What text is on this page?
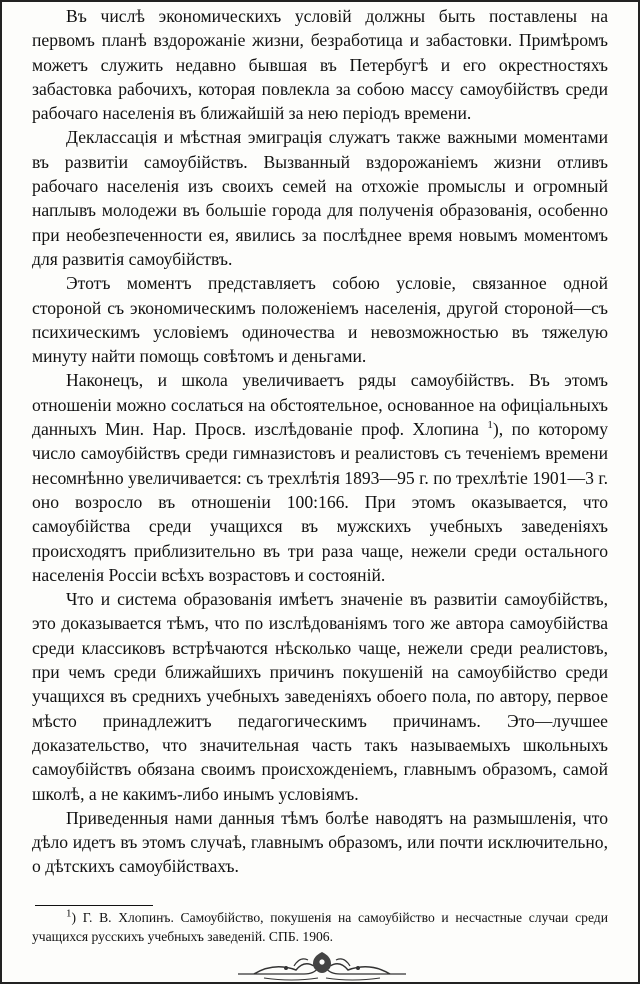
Въ числѣ экономическихъ условій должны быть поставлены на первомъ планѣ вздорожаніе жизни, безработица и забастовки. Примѣромъ можетъ служить недавно бывшая въ Петербугѣ и его окрестностяхъ забастовка рабочихъ, которая повлекла за собою массу самоубійствъ среди рабочаго населенія въ ближайшій за нею періодъ времени.

Деклассація и мѣстная эмиграція служатъ также важными моментами въ развитіи самоубійствъ. Вызванный вздорожаніемъ жизни отливъ рабочаго населенія изъ своихъ семей на отхожіе промыслы и огромный наплывъ молодежи въ большіе города для полученія образованія, особенно при необезпеченности ея, явились за послѣднее время новымъ моментомъ для развитія самоубійствъ.

Этотъ моментъ представляетъ собою условіе, связанное одной стороной съ экономическимъ положеніемъ населенія, другой стороной—съ психическимъ условіемъ одиночества и невозможностью въ тяжелую минуту найти помощь совѣтомъ и деньгами.

Наконецъ, и школа увеличиваетъ ряды самоубійствъ. Въ этомъ отношеніи можно сослаться на обстоятельное, основанное на офиціальныхъ данныхъ Мин. Нар. Просв. изслѣдованіе проф. Хлопина $^1$), по которому число самоубійствъ среди гимназистовъ и реалистовъ съ теченіемъ времени несомнѣнно увеличивается: съ трехлѣтія 1893—95 г. по трехлѣтіе 1901—3 г. оно возросло въ отношеніи 100:166. При этомъ оказывается, что самоубійства среди учащихся въ мужскихъ учебныхъ заведеніяхъ происходятъ приблизительно въ три раза чаще, нежели среди остального населенія Россіи всѣхъ возрастовъ и состояній.

Что и система образованія имѣетъ значеніе въ развитіи самоубійствъ, это доказывается тѣмъ, что по изслѣдованіямъ того же автора самоубійства среди классиковъ встрѣчаются нѣсколько чаще, нежели среди реалистовъ, при чемъ среди ближайшихъ причинъ покушеній на самоубійство среди учащихся въ среднихъ учебныхъ заведеніяхъ обоего пола, по автору, первое мѣсто принадлежитъ педагогическимъ причинамъ. Это—лучшее доказательство, что значительная часть такъ называемыхъ школьныхъ самоубійствъ обязана своимъ происхожденіемъ, главнымъ образомъ, самой школѣ, а не какимъ-либо инымъ условіямъ.

Приведенныя нами данныя тѣмъ болѣе наводятъ на размышленія, что дѣло идетъ въ этомъ случаѣ, главнымъ образомъ, или почти исключительно, о дѣтскихъ самоубійствахъ.

$^1$) Г. В. Хлопинъ. Самоубійство, покушенія на самоубійство и несчастные случаи среди учащихся русскихъ учебныхъ заведеній. СПБ. 1906.
